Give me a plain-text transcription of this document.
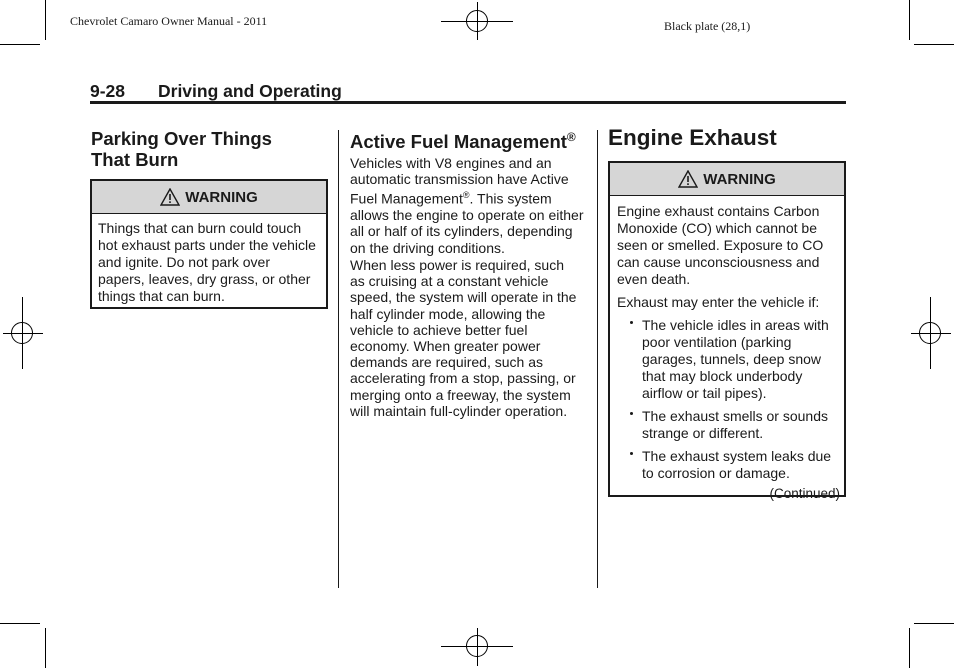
Chevrolet Camaro Owner Manual - 2011	Black plate (28,1)
9-28 Driving and Operating
Parking Over Things
That Burn
WARNING
Things that can burn could touch hot exhaust parts under the vehicle and ignite. Do not park over papers, leaves, dry grass, or other things that can burn.
Active Fuel Management®

Vehicles with V8 engines and an automatic transmission have Active Fuel Management®. This system allows the engine to operate on either all or half of its cylinders, depending on the driving conditions.

When less power is required, such as cruising at a constant vehicle speed, the system will operate in the half cylinder mode, allowing the vehicle to achieve better fuel economy. When greater power demands are required, such as accelerating from a stop, passing, or merging onto a freeway, the system will maintain full-cylinder operation.

Engine Exhaust
WARNING
Engine exhaust contains Carbon Monoxide (CO) which cannot be seen or smelled. Exposure to CO can cause unconsciousness and even death.
Exhaust may enter the vehicle if:
The vehicle idles in areas with poor ventilation (parking garages, tunnels, deep snow that may block underbody airflow or tail pipes).
The exhaust smells or sounds strange or different.
The exhaust system leaks due to corrosion or damage.
(Continued)
